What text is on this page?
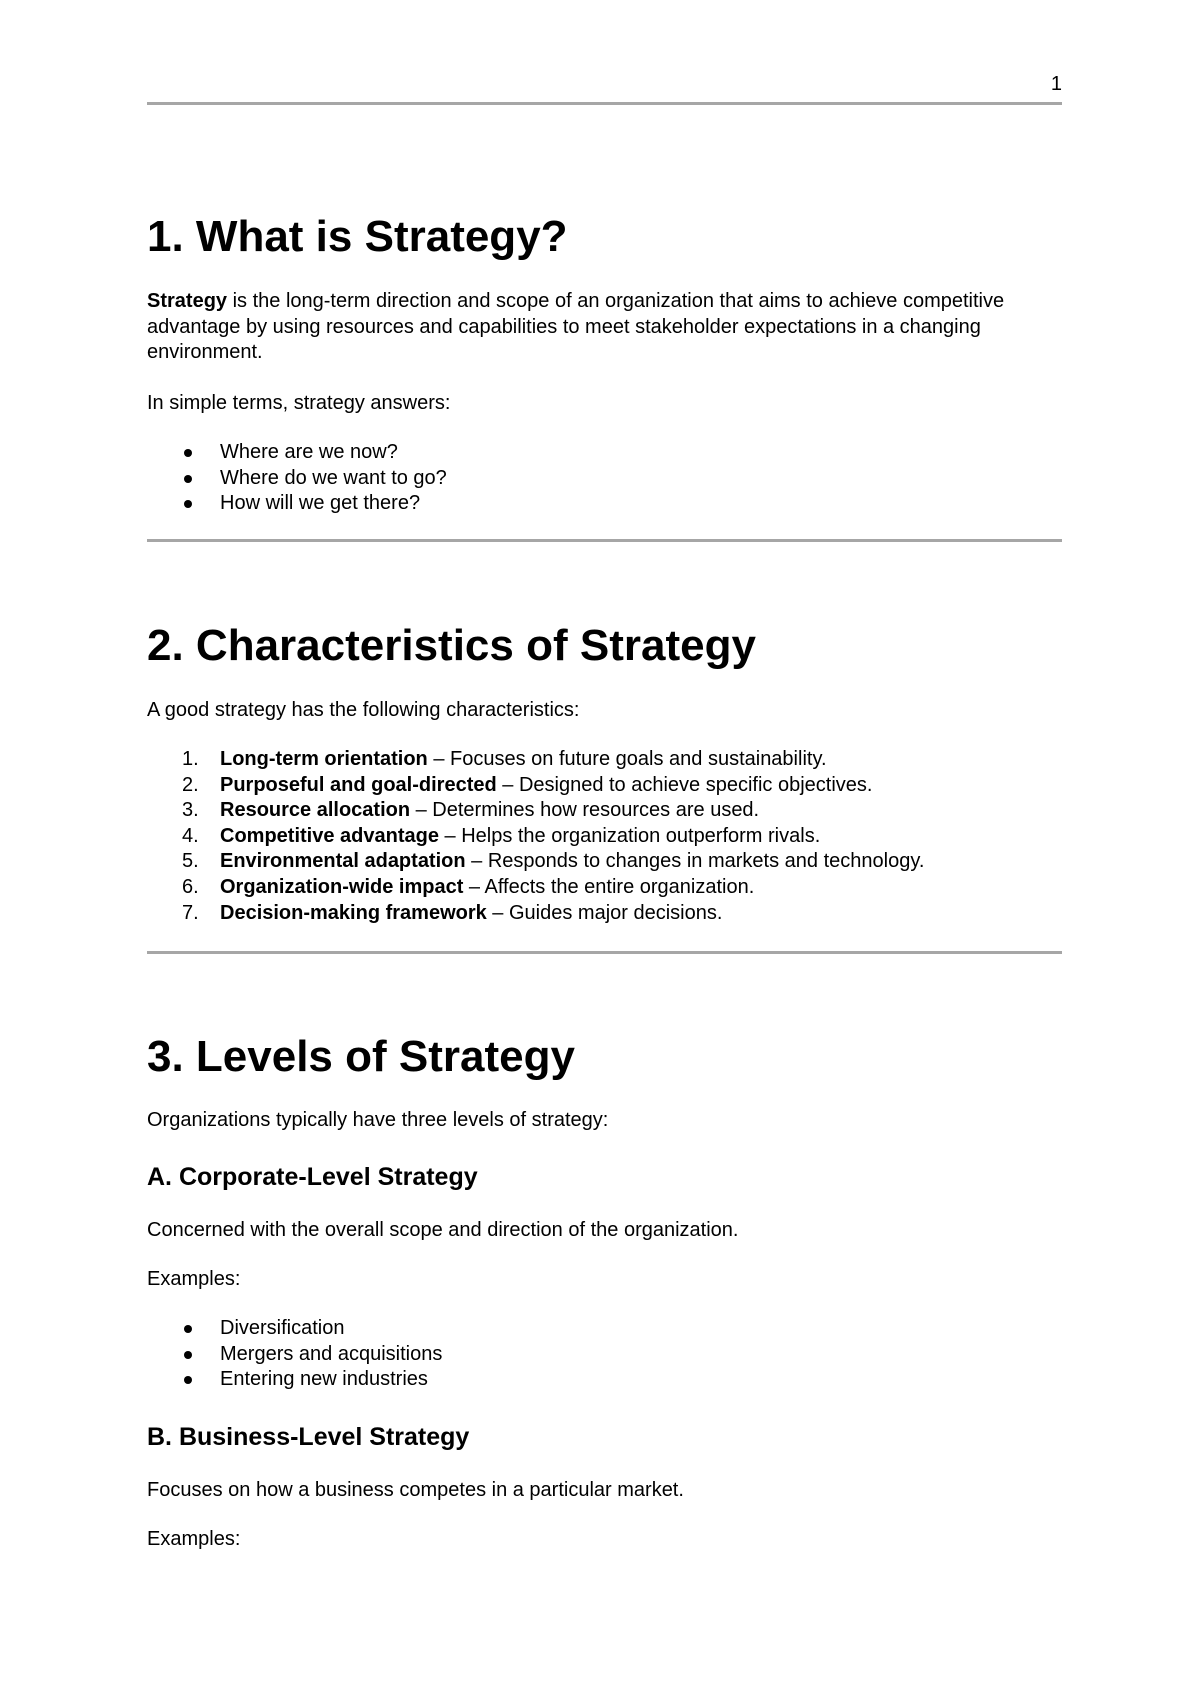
1
1. What is Strategy?

Strategy is the long-term direction and scope of an organization that aims to achieve competitive advantage by using resources and capabilities to meet stakeholder expectations in a changing environment.

In simple terms, strategy answers:

Where are we now?
Where do we want to go?
How will we get there?
2. Characteristics of Strategy

A good strategy has the following characteristics:

1.	Long-term orientation – Focuses on future goals and sustainability.
2.	Purposeful and goal-directed – Designed to achieve specific objectives.
3.	Resource allocation – Determines how resources are used.
4.	Competitive advantage – Helps the organization outperform rivals.
5.	Environmental adaptation – Responds to changes in markets and technology.
6.	Organization-wide impact – Affects the entire organization.
7.	Decision-making framework – Guides major decisions.
3. Levels of Strategy

Organizations typically have three levels of strategy:

A. Corporate-Level Strategy

Concerned with the overall scope and direction of the organization.

Examples:

Diversification
Mergers and acquisitions
Entering new industries
B. Business-Level Strategy

Focuses on how a business competes in a particular market.

Examples:
